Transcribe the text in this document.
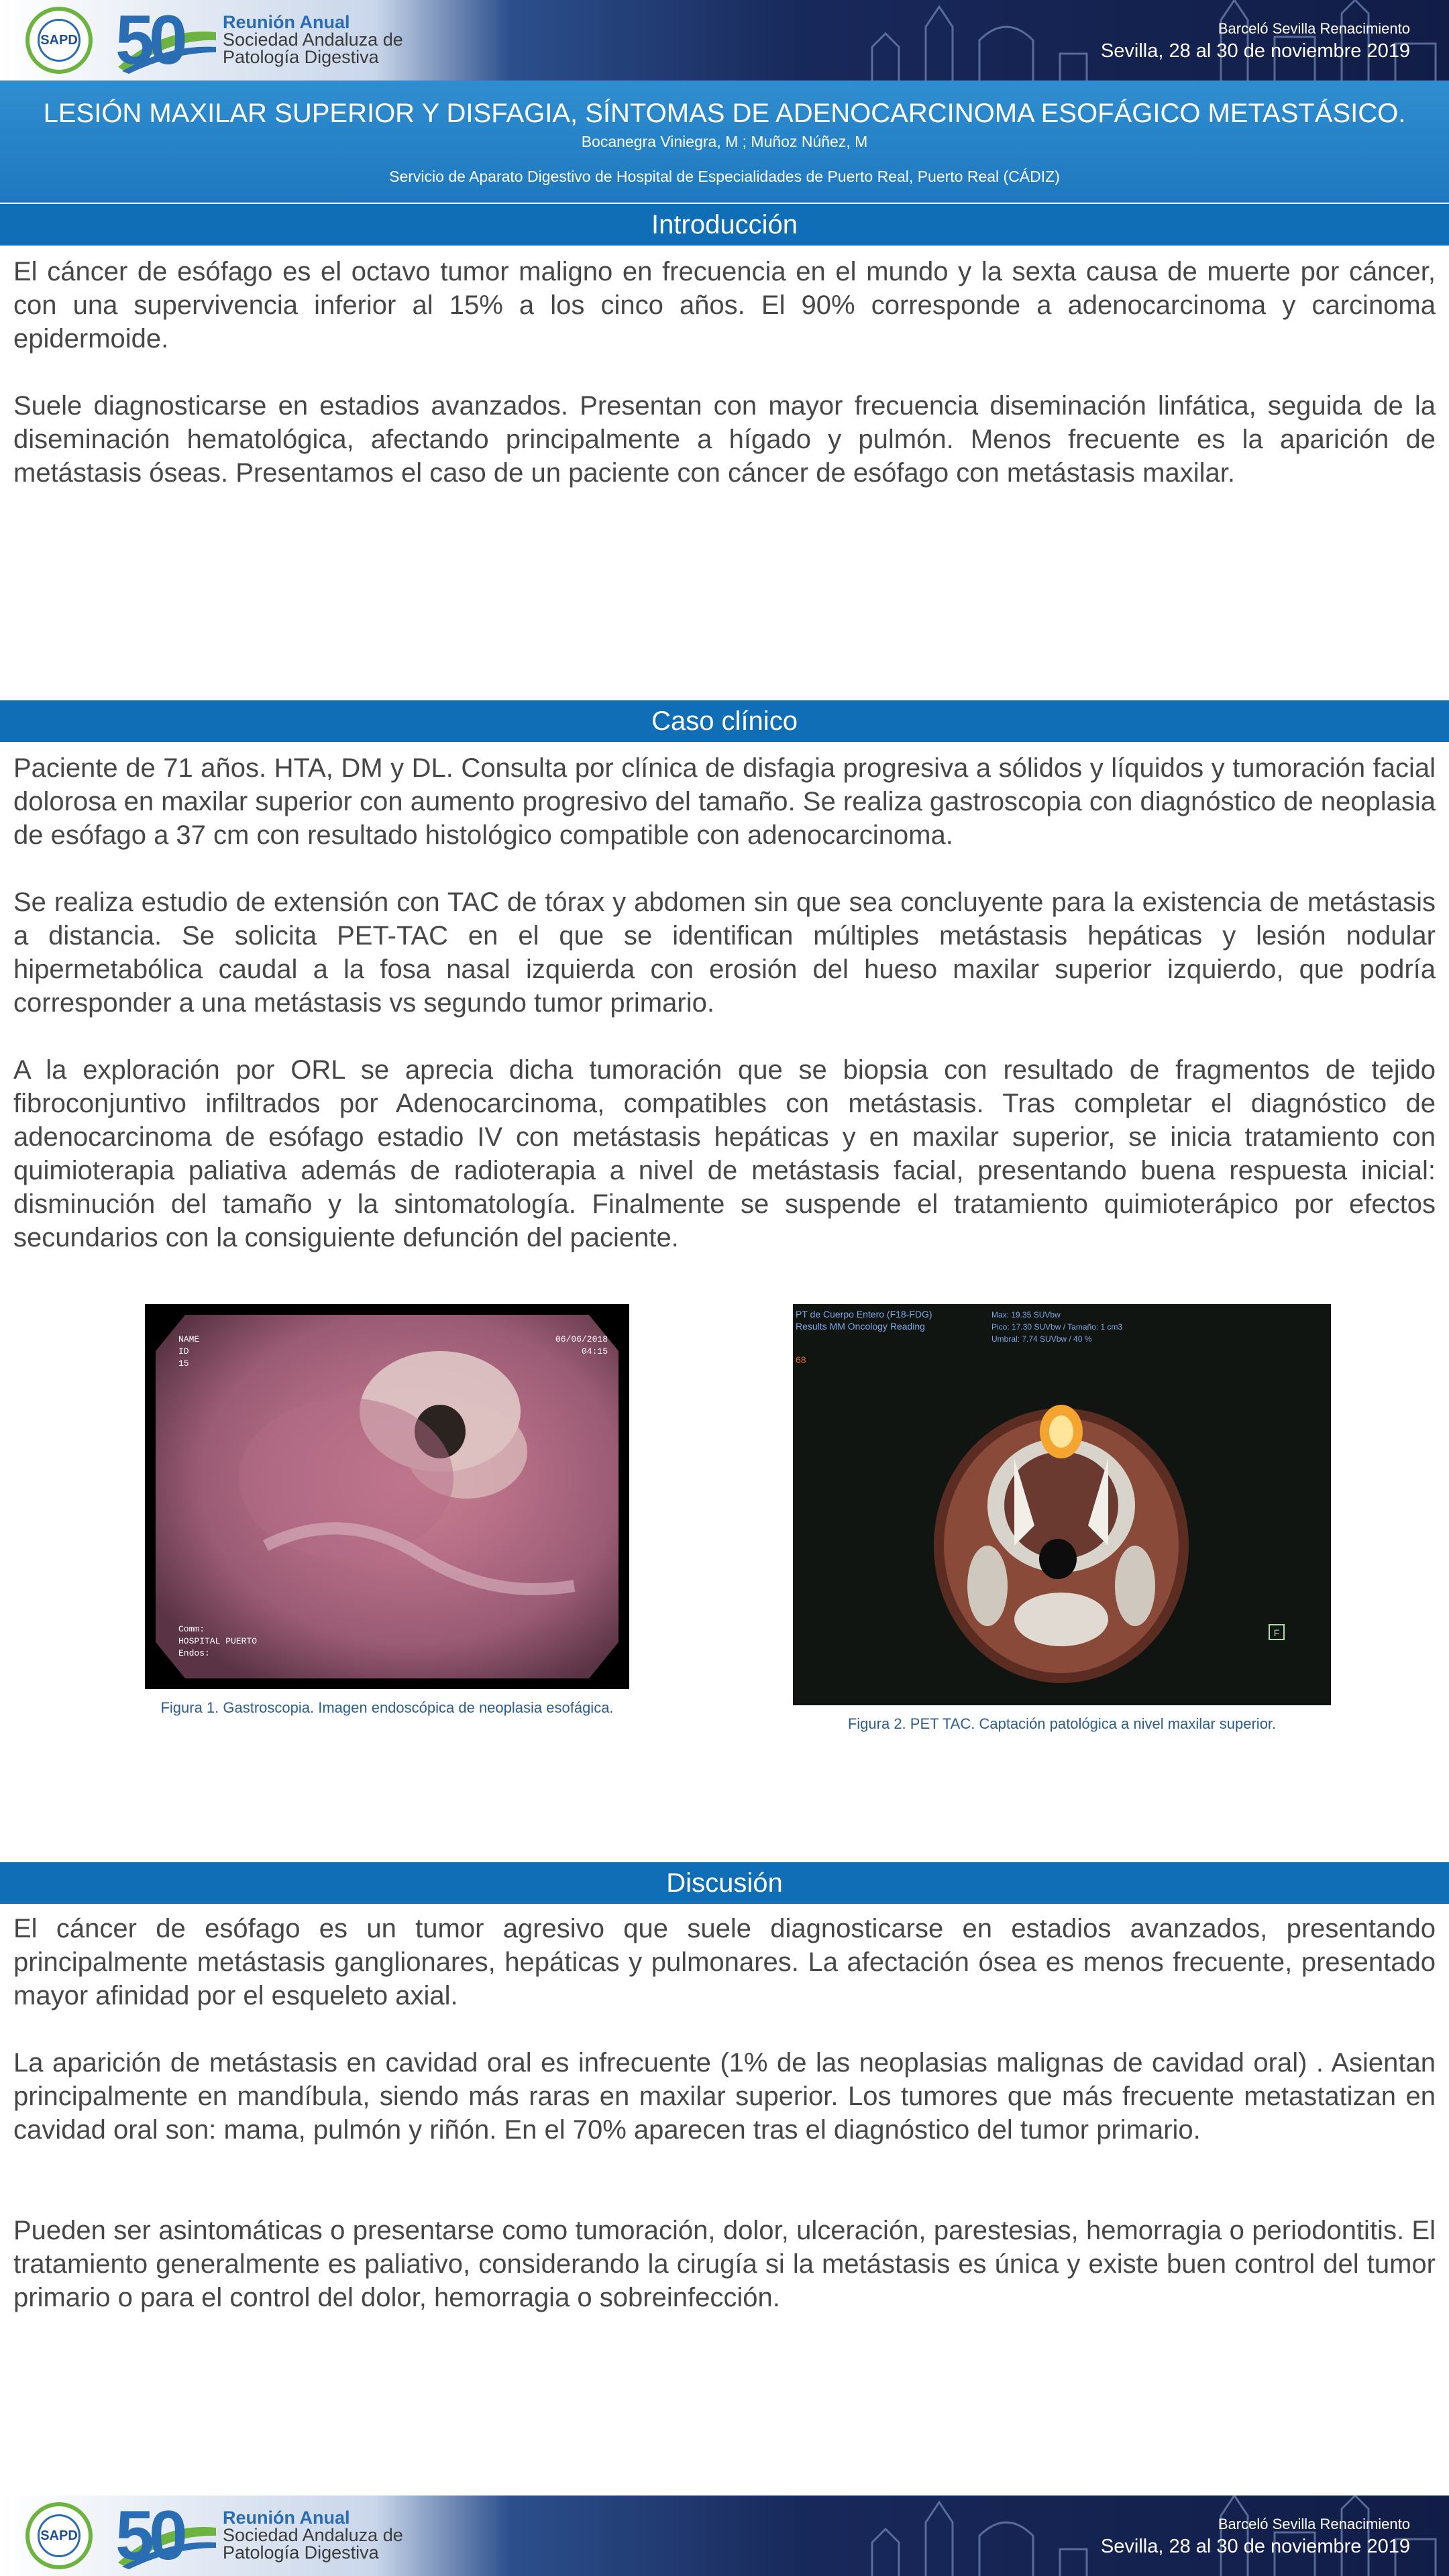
SAPD 50 Reunión Anual
Sociedad Andaluza de
Patología Digestiva
Barceló Sevilla Renacimiento
Sevilla, 28 al 30 de noviembre 2019
LESIÓN MAXILAR SUPERIOR Y DISFAGIA, SÍNTOMAS DE ADENOCARCINOMA ESOFÁGICO METASTÁSICO.
Bocanegra Viniegra, M ; Muñoz Núñez, M
Servicio de Aparato Digestivo de Hospital de Especialidades de Puerto Real, Puerto Real (CÁDIZ)
Introducción

El cáncer de esófago es el octavo tumor maligno en frecuencia en el mundo y la sexta causa de muerte por cáncer, con una supervivencia inferior al 15% a los cinco años. El 90% corresponde a adenocarcinoma y carcinoma epidermoide.

Suele diagnosticarse en estadios avanzados. Presentan con mayor frecuencia diseminación linfática, seguida de la diseminación hematológica, afectando principalmente a hígado y pulmón. Menos frecuente es la aparición de metástasis óseas. Presentamos el caso de un paciente con cáncer de esófago con metástasis maxilar.

Caso clínico

Paciente de 71 años. HTA, DM y DL. Consulta por clínica de disfagia progresiva a sólidos y líquidos y tumoración facial dolorosa en maxilar superior con aumento progresivo del tamaño. Se realiza gastroscopia con diagnóstico de neoplasia de esófago a 37 cm con resultado histológico compatible con adenocarcinoma.

Se realiza estudio de extensión con TAC de tórax y abdomen sin que sea concluyente para la existencia de metástasis a distancia. Se solicita PET-TAC en el que se identifican múltiples metástasis hepáticas y lesión nodular hipermetabólica caudal a la fosa nasal izquierda con erosión del hueso maxilar superior izquierdo, que podría corresponder a una metástasis vs segundo tumor primario.

A la exploración por ORL se aprecia dicha tumoración que se biopsia con resultado de fragmentos de tejido fibroconjuntivo infiltrados por Adenocarcinoma, compatibles con metástasis. Tras completar el diagnóstico de adenocarcinoma de esófago estadio IV con metástasis hepáticas y en maxilar superior, se inicia tratamiento con quimioterapia paliativa además de radioterapia a nivel de metástasis facial, presentando buena respuesta inicial: disminución del tamaño y la sintomatología. Finalmente se suspende el tratamiento quimioterápico por efectos secundarios con la consiguiente defunción del paciente.

NAME
ID
15
06/06/2018
04:15
Comm:
HOSPITAL PUERTO
Endos:
Figura 1. Gastroscopia. Imagen endoscópica de neoplasia esofágica.
F
PT de Cuerpo Entero (F18-FDG)
Results MM Oncology Reading
68
Max: 19.35 SUVbw
Pico: 17.30 SUVbw / Tamaño: 1 cm3
Umbral: 7.74 SUVbw / 40 %
Figura 2. PET TAC. Captación patológica a nivel maxilar superior.
Discusión

El cáncer de esófago es un tumor agresivo que suele diagnosticarse en estadios avanzados, presentando principalmente metástasis ganglionares, hepáticas y pulmonares. La afectación ósea es menos frecuente, presentado mayor afinidad por el esqueleto axial.

La aparición de metástasis en cavidad oral es infrecuente (1% de las neoplasias malignas de cavidad oral) . Asientan principalmente en mandíbula, siendo más raras en maxilar superior. Los tumores que más frecuente metastatizan en cavidad oral son: mama, pulmón y riñón. En el 70% aparecen tras el diagnóstico del tumor primario.

Pueden ser asintomáticas o presentarse como tumoración, dolor, ulceración, parestesias, hemorragia o periodontitis. El tratamiento generalmente es paliativo, considerando la cirugía si la metástasis es única y existe buen control del tumor primario o para el control del dolor, hemorragia o sobreinfección.

SAPD 50 Reunión Anual
Sociedad Andaluza de
Patología Digestiva
Barceló Sevilla Renacimiento
Sevilla, 28 al 30 de noviembre 2019
